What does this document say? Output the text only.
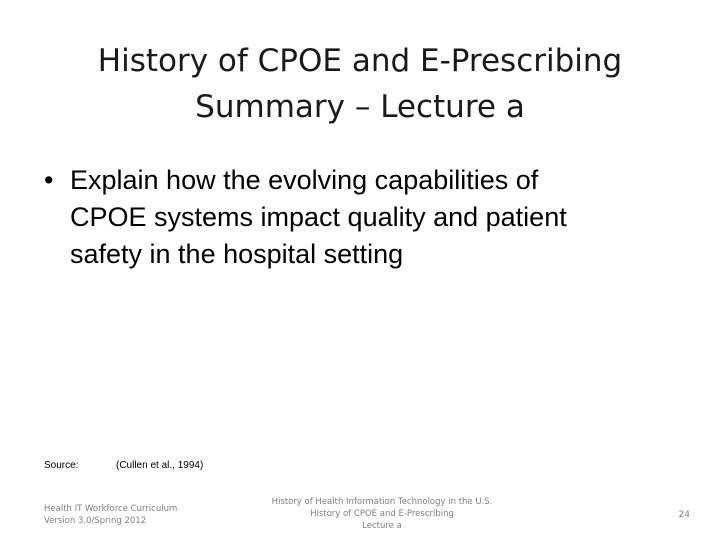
History of CPOE and E-Prescribing
Summary – Lecture a
• Explain how the evolving capabilities of
CPOE systems impact quality and patient
safety in the hospital setting
Source:	(Cullen et al., 1994)
Health IT Workforce Curriculum
Version 3.0/Spring 2012
History of Health Information Technology in the U.S.
History of CPOE and E-Prescribing
Lecture a
24
